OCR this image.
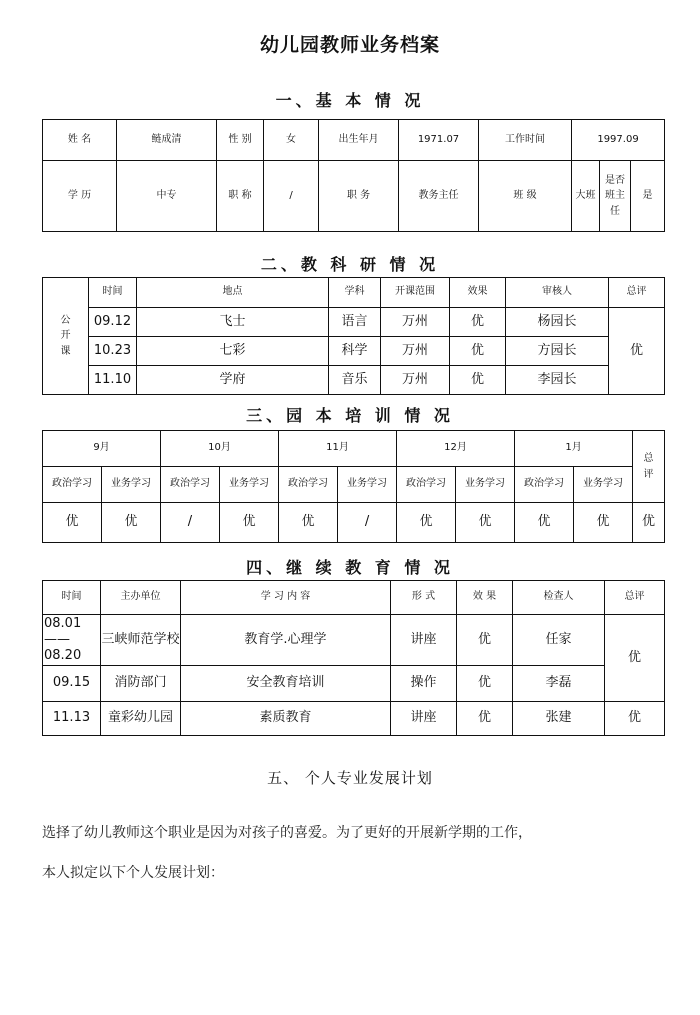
幼儿园教师业务档案
一、基 本 情 况
姓 名	鲢成清	性 别	女	出生年月	1971.07	工作时间	1997.09		
学 历	中专	职 称	/	职 务	教务主任	班 级	大班	是否班主任	是
二、教 科 研 情 况
公开课	时间	地点	学科	开课范围	效果	审核人	总评
	09.12	飞士	语言	万州	优	杨园长	优
	10.23	七彩	科学	万州	优	方园长	
	11.10	学府	音乐	万州	优	李园长	
三、园 本 培 训 情 况
9月		10月		11月		12月		1月		总评
政治学习	业务学习	政治学习	业务学习	政治学习	业务学习	政治学习	业务学习	政治学习	业务学习	
优	优	/	优	优	/	优	优	优	优	优
四、继 续 教 育 情 况
时间	主办单位	学 习 内 容	形 式	效 果	检查人	总评
08.01——08.20	三峡师范学校	教育学.心理学	讲座	优	任家	优
09.15	消防部门	安全教育培训	操作	优	李磊	
11.13	童彩幼儿园	素质教育	讲座	优	张建	优
五、 个人专业发展计划
选择了幼儿教师这个职业是因为对孩子的喜爱。为了更好的开展新学期的工作，
本人拟定以下个人发展计划：
